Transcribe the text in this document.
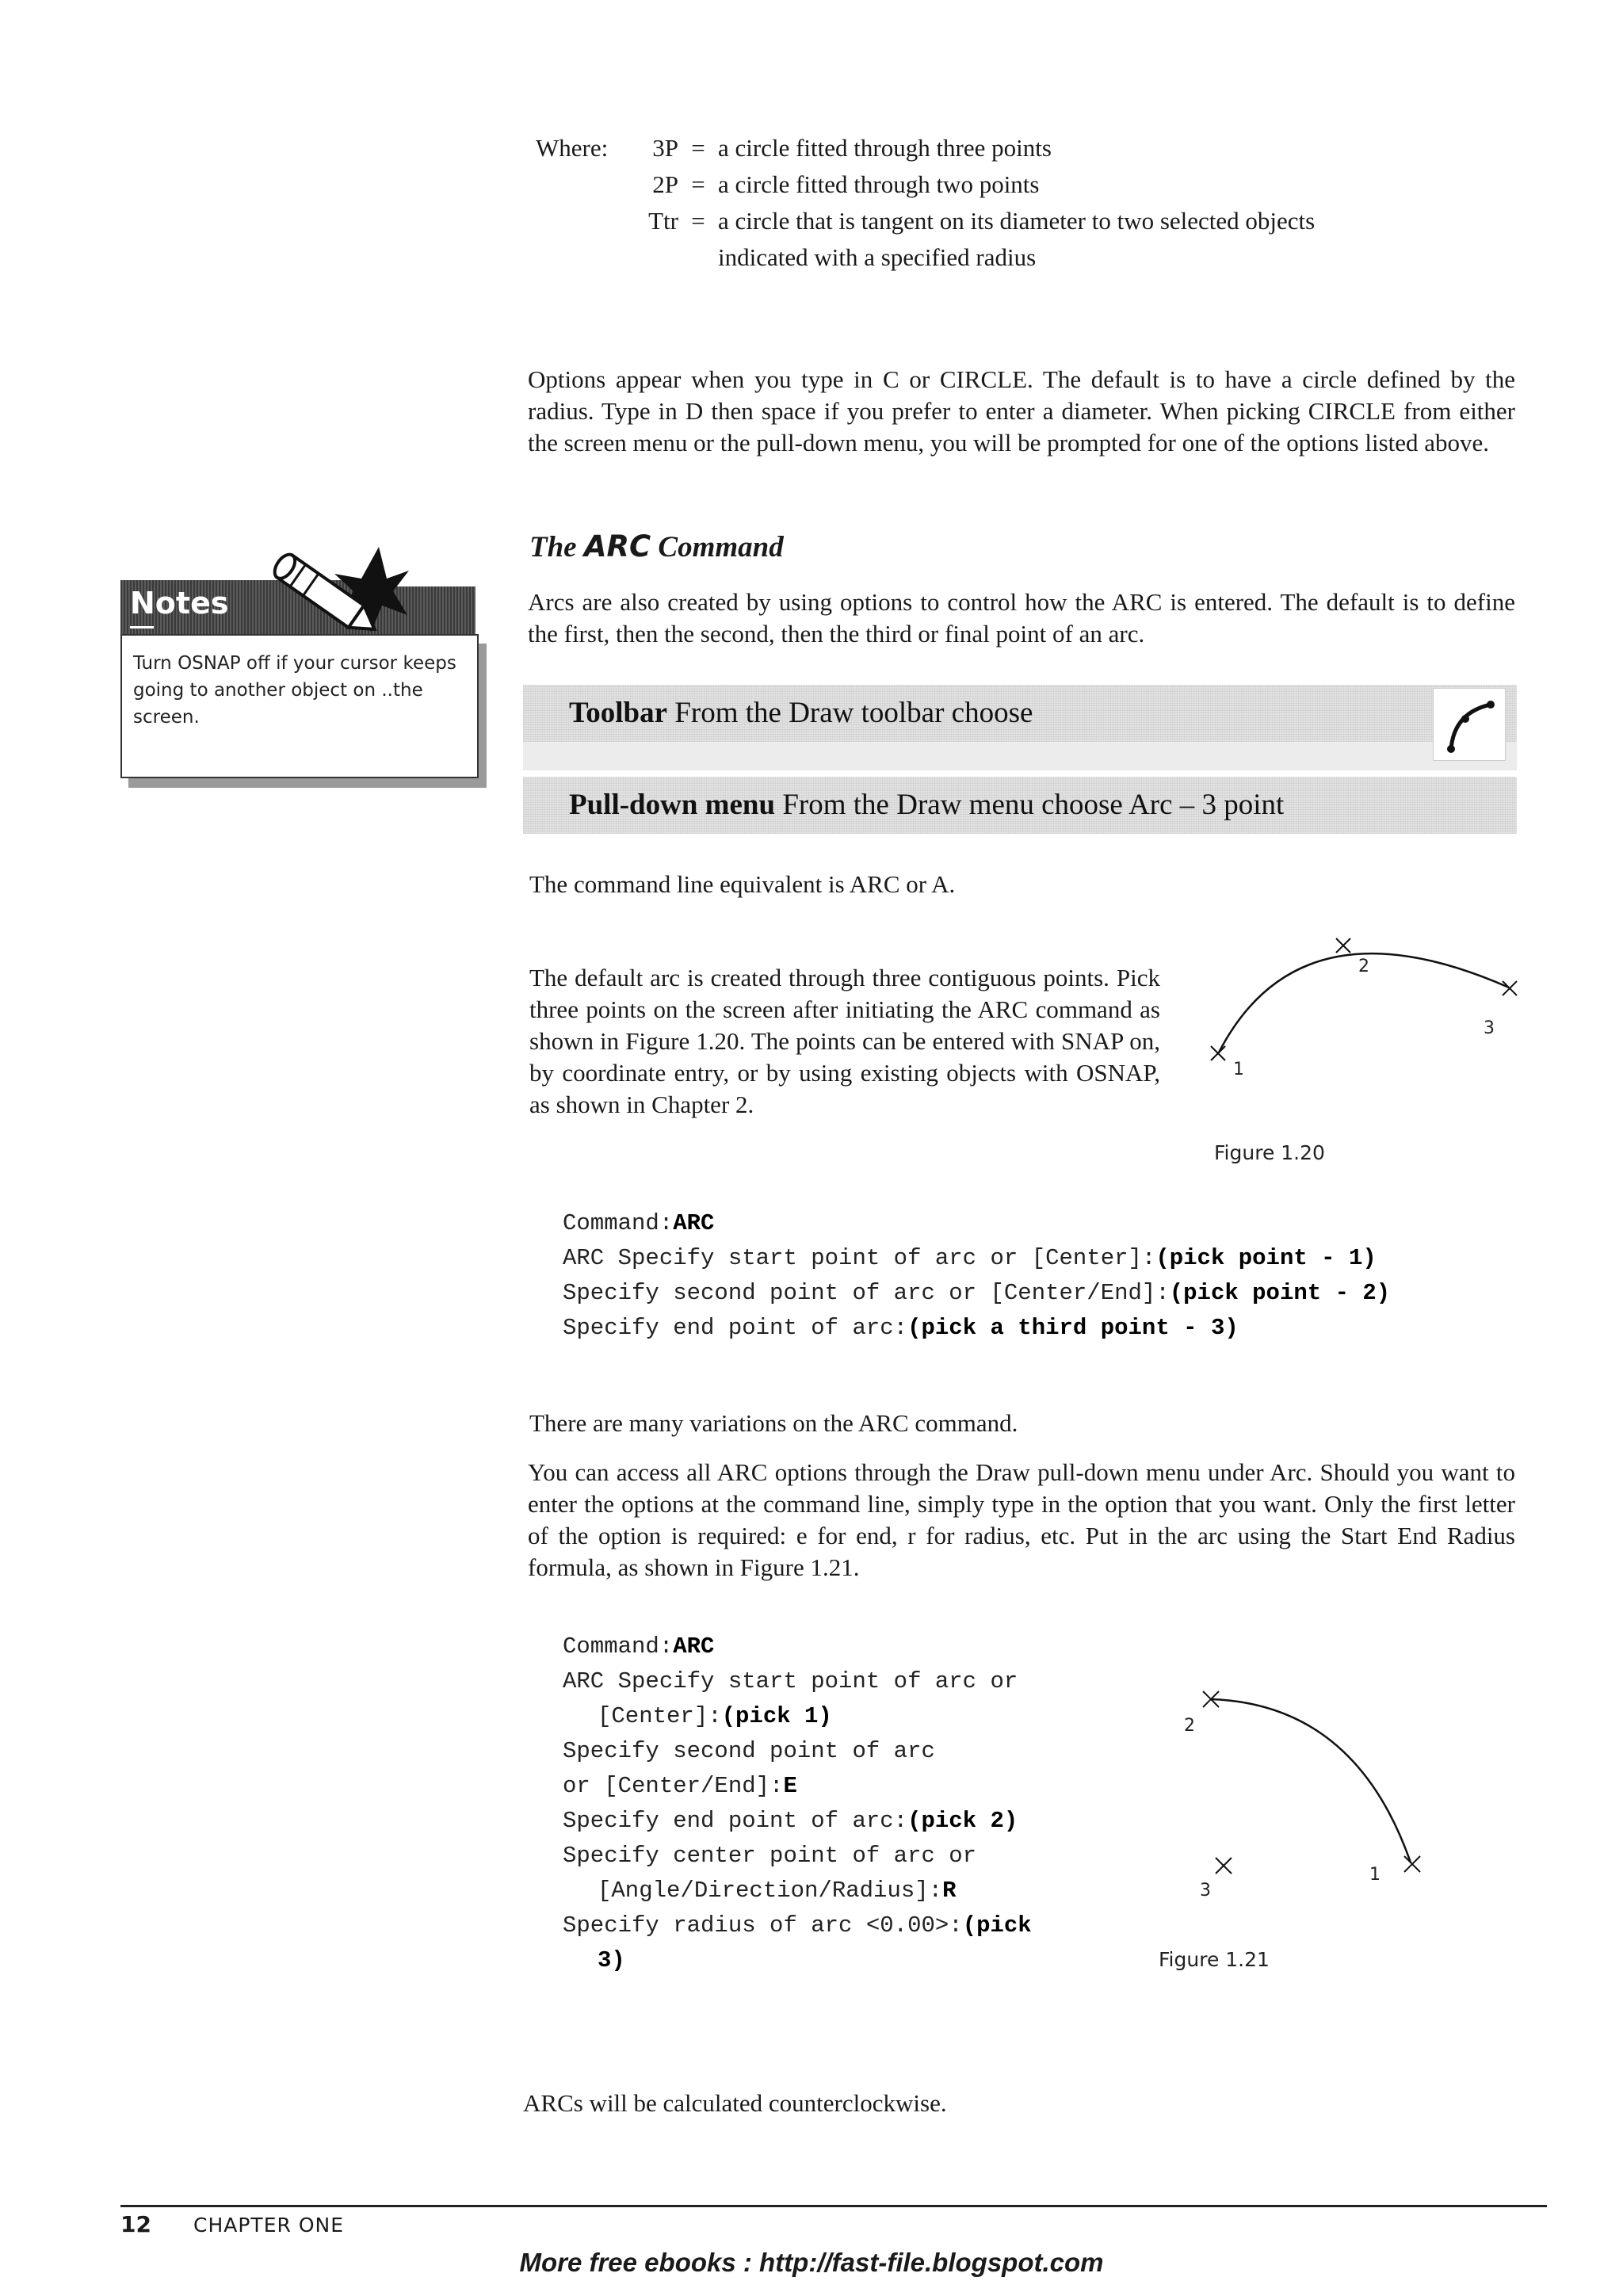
Where:	3P = a circle fitted through three points
2P = a circle fitted through two points
Ttr = a circle that is tangent on its diameter to two selected objects
indicated with a specified radius

Options appear when you type in C or CIRCLE. The default is to have a circle defined by the radius. Type in D then space if you prefer to enter a diameter. When picking CIRCLE from either the screen menu or the pull-down menu, you will be prompted for one of the options listed above.

The ARC Command

Arcs are also created by using options to control how the ARC is entered. The default is to define the first, then the second, then the third or final point of an arc.

Notes
Turn OSNAP off if your cursor keeps going to another object on ..the screen.	Toolbar From the Draw toolbar choose
Pull-down menu From the Draw menu choose Arc – 3 point

The command line equivalent is ARC or A.

The default arc is created through three contiguous points. Pick three points on the screen after initiating the ARC command as shown in Figure 1.20. The points can be entered with SNAP on, by coordinate entry, or by using existing objects with OSNAP, as shown in Chapter 2.

1
2
3
Figure 1.20
Command:ARC
ARC Specify start point of arc or [Center]:(pick point - 1)
Specify second point of arc or [Center/End]:(pick point - 2)
Specify end point of arc:(pick a third point - 3)

There are many variations on the ARC command.

You can access all ARC options through the Draw pull-down menu under Arc. Should you want to enter the options at the command line, simply type in the option that you want. Only the first letter of the option is required: e for end, r for radius, etc. Put in the arc using the Start End Radius formula, as shown in Figure 1.21.

Command:ARC
ARC Specify start point of arc or
[Center]:(pick 1)
Specify second point of arc
or [Center/End]:E
Specify end point of arc:(pick 2)
Specify center point of arc or
[Angle/Direction/Radius]:R
Specify radius of arc <0.00>:(pick
3)
1
2
3
Figure 1.21

ARCs will be calculated counterclockwise.

12 CHAPTER ONE
More free ebooks : http://fast-file.blogspot.com
